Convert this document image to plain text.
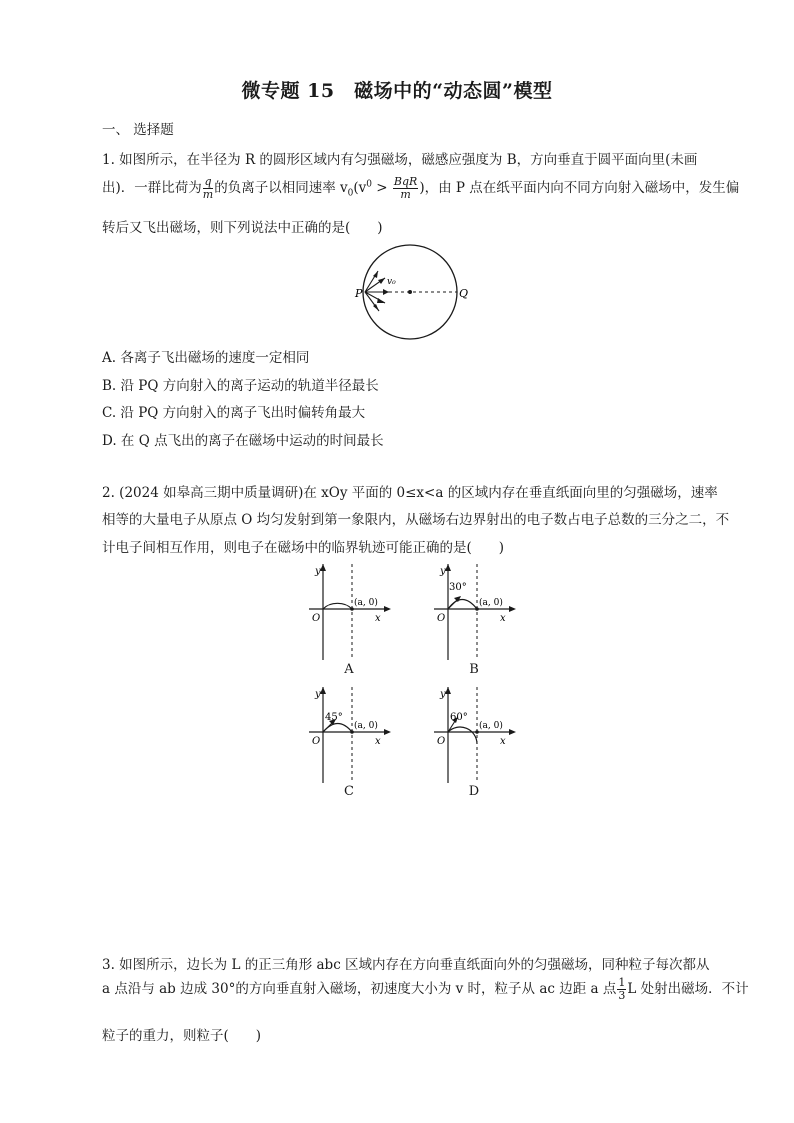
微专题 15　磁场中的“动态圆”模型
一、 选择题
1. 如图所示，在半径为 R 的圆形区域内有匀强磁场，磁感应强度为 B，方向垂直于圆平面向里(未画
出)．一群比荷为 $\frac{q}{m}$ 的负离子以相同速率 $v_0(v^0 > \frac{\text{BqR}}{m}$ )，由 P 点在纸平面内向不同方向射入磁场中，发生偏
转后又飞出磁场，则下列说法中正确的是(　　)
P	Q
v₀
A. 各离子飞出磁场的速度一定相同
B. 沿 PQ 方向射入的离子运动的轨道半径最长
C. 沿 PQ 方向射入的离子飞出时偏转角最大
D. 在 Q 点飞出的离子在磁场中运动的时间最长
2. (2024 如皋高三期中质量调研)在 xOy 平面的 0≤x<a 的区域内存在垂直纸面向里的匀强磁场，速率
相等的大量电子从原点 O 均匀发射到第一象限内，从磁场右边界射出的电子数占电子总数的三分之二，不
计电子间相互作用，则电子在磁场中的临界轨迹可能正确的是(　　)
y
x
O
(a, 0)
A
y
x
O
(a, 0)
30°
B
y
x
O
(a, 0)
45°
C
y
x
O
(a, 0)
60°
D
3. 如图所示，边长为 L 的正三角形 abc 区域内存在方向垂直纸面向外的匀强磁场，同种粒子每次都从
a 点沿与 ab 边成 30°的方向垂直射入磁场，初速度大小为 v 时，粒子从 ac 边距 a 点 $\frac{1}{3}$ L 处射出磁场．不计
粒子的重力，则粒子(　　)
